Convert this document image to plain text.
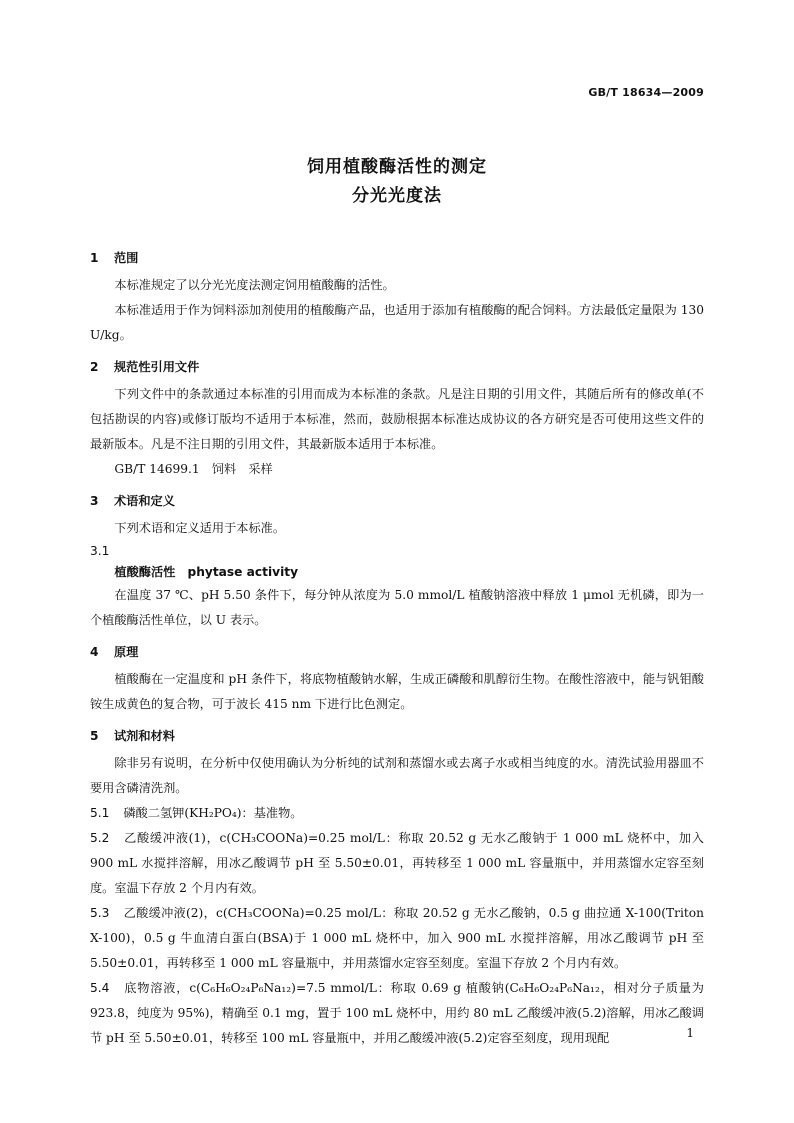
GB/T 18634—2009
饲用植酸酶活性的测定
分光光度法
1 范围

本标准规定了以分光光度法测定饲用植酸酶的活性。

本标准适用于作为饲料添加剂使用的植酸酶产品，也适用于添加有植酸酶的配合饲料。方法最低定量限为 130 U/kg。

2 规范性引用文件

下列文件中的条款通过本标准的引用而成为本标准的条款。凡是注日期的引用文件，其随后所有的修改单(不包括勘误的内容)或修订版均不适用于本标准，然而，鼓励根据本标准达成协议的各方研究是否可使用这些文件的最新版本。凡是不注日期的引用文件，其最新版本适用于本标准。

GB/T 14699.1　饲料　采样

3 术语和定义

下列术语和定义适用于本标准。

3.1

植酸酶活性　phytase activity

在温度 37 ℃、pH 5.50 条件下，每分钟从浓度为 5.0 mmol/L 植酸钠溶液中释放 1 μmol 无机磷，即为一个植酸酶活性单位，以 U 表示。

4 原理

植酸酶在一定温度和 pH 条件下，将底物植酸钠水解，生成正磷酸和肌醇衍生物。在酸性溶液中，能与钒钼酸铵生成黄色的复合物，可于波长 415 nm 下进行比色测定。

5 试剂和材料

除非另有说明，在分析中仅使用确认为分析纯的试剂和蒸馏水或去离子水或相当纯度的水。清洗试验用器皿不要用含磷清洗剂。

5.1 磷酸二氢钾(KH₂PO₄)：基准物。

5.2 乙酸缓冲液(1)，c(CH₃COONa)=0.25 mol/L：称取 20.52 g 无水乙酸钠于 1 000 mL 烧杯中，加入 900 mL 水搅拌溶解，用冰乙酸调节 pH 至 5.50±0.01，再转移至 1 000 mL 容量瓶中，并用蒸馏水定容至刻度。室温下存放 2 个月内有效。

5.3 乙酸缓冲液(2)，c(CH₃COONa)=0.25 mol/L：称取 20.52 g 无水乙酸钠，0.5 g 曲拉通 X-100(Triton X-100)，0.5 g 牛血清白蛋白(BSA)于 1 000 mL 烧杯中，加入 900 mL 水搅拌溶解，用冰乙酸调节 pH 至 5.50±0.01，再转移至 1 000 mL 容量瓶中，并用蒸馏水定容至刻度。室温下存放 2 个月内有效。

5.4 底物溶液，c(C₆H₆O₂₄P₆Na₁₂)=7.5 mmol/L：称取 0.69 g 植酸钠(C₆H₆O₂₄P₆Na₁₂，相对分子质量为 923.8，纯度为 95%)，精确至 0.1 mg，置于 100 mL 烧杯中，用约 80 mL 乙酸缓冲液(5.2)溶解，用冰乙酸调节 pH 至 5.50±0.01，转移至 100 mL 容量瓶中，并用乙酸缓冲液(5.2)定容至刻度，现用现配	1
